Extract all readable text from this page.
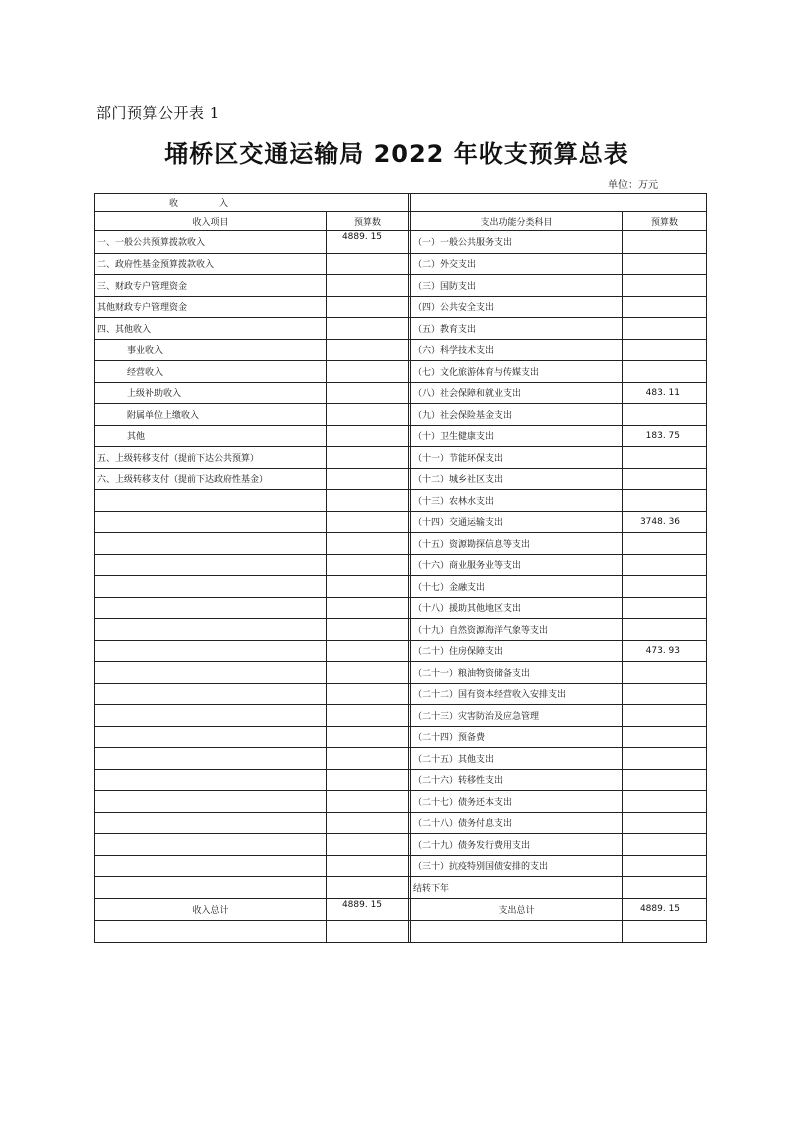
部门预算公开表 1
埇桥区交通运输局 2022 年收支预算总表
单位：万元
收　　　　入				
收入项目	预算数		支出功能分类科目	预算数
一、一般公共预算拨款收入	4889. 15		（一）一般公共服务支出	
二、政府性基金预算拨款收入			（二）外交支出	
三、财政专户管理资金			（三）国防支出	
其他财政专户管理资金			（四）公共安全支出	
四、其他收入			（五）教育支出	
事业收入			（六）科学技术支出	
经营收入			（七）文化旅游体育与传媒支出	
上级补助收入			（八）社会保障和就业支出	483. 11
附属单位上缴收入			（九）社会保险基金支出	
其他			（十）卫生健康支出	183. 75
五、上级转移支付（提前下达公共预算）			（十一）节能环保支出	
六、上级转移支付（提前下达政府性基金）			（十二）城乡社区支出	
			（十三）农林水支出	
			（十四）交通运输支出	3748. 36
			（十五）资源勘探信息等支出	
			（十六）商业服务业等支出	
			（十七）金融支出	
			（十八）援助其他地区支出	
			（十九）自然资源海洋气象等支出	
			（二十）住房保障支出	473. 93
			（二十一）粮油物资储备支出	
			（二十二）国有资本经营收入安排支出	
			（二十三）灾害防治及应急管理	
			（二十四）预备费	
			（二十五）其他支出	
			（二十六）转移性支出	
			（二十七）债务还本支出	
			（二十八）债务付息支出	
			（二十九）债务发行费用支出	
			（三十）抗疫特别国债安排的支出	
			结转下年	
收入总计	4889. 15		支出总计	4889. 15
